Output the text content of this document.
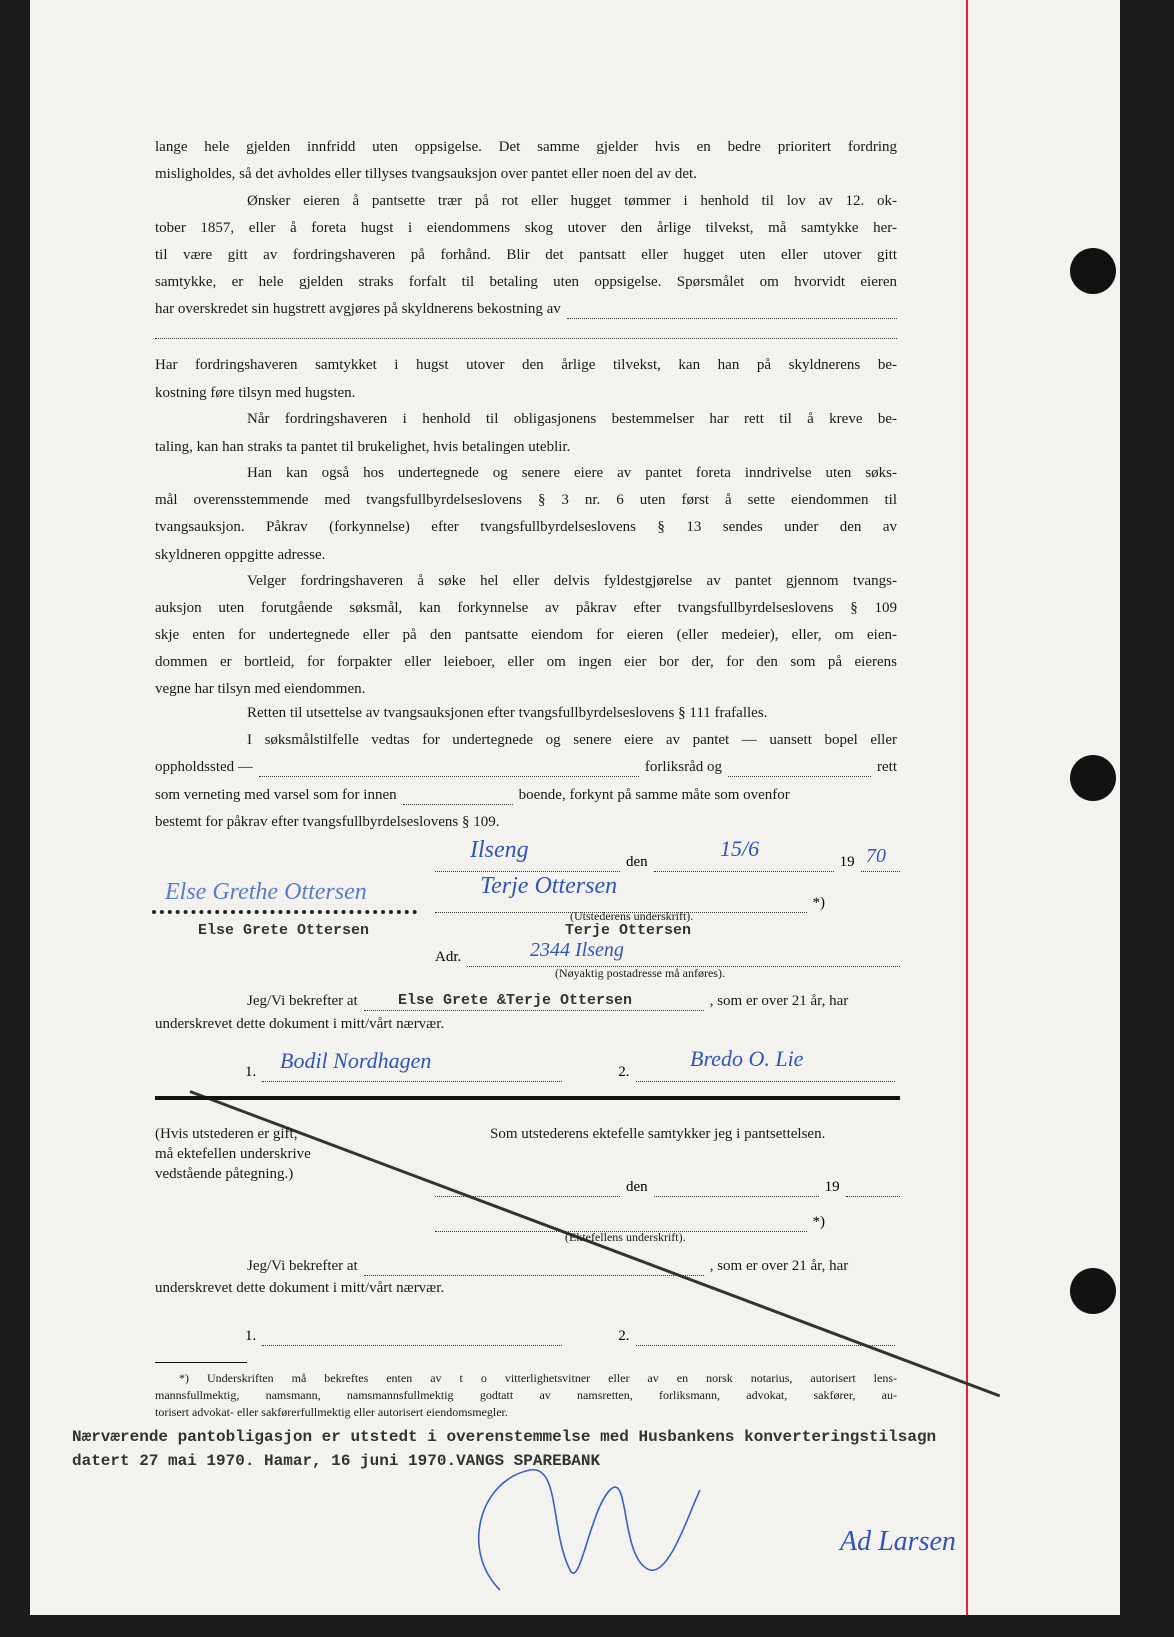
lange hele gjelden innfridd uten oppsigelse. Det samme gjelder hvis en bedre prioritert fordring
misligholdes, så det avholdes eller tillyses tvangsauksjon over pantet eller noen del av det.
Ønsker eieren å pantsette trær på rot eller hugget tømmer i henhold til lov av 12. ok-
tober 1857, eller å foreta hugst i eiendommens skog utover den årlige tilvekst, må samtykke her-
til være gitt av fordringshaveren på forhånd. Blir det pantsatt eller hugget uten eller utover gitt
samtykke, er hele gjelden straks forfalt til betaling uten oppsigelse. Spørsmålet om hvorvidt eieren
har overskredet sin hugstrett avgjøres på skyldnerens bekostning av
Har fordringshaveren samtykket i hugst utover den årlige tilvekst, kan han på skyldnerens be-
kostning føre tilsyn med hugsten.
Når fordringshaveren i henhold til obligasjonens bestemmelser har rett til å kreve be-
taling, kan han straks ta pantet til brukelighet, hvis betalingen uteblir.
Han kan også hos undertegnede og senere eiere av pantet foreta inndrivelse uten søks-
mål overensstemmende med tvangsfullbyrdelseslovens § 3 nr. 6 uten først å sette eiendommen til
tvangsauksjon. Påkrav (forkynnelse) efter tvangsfullbyrdelseslovens § 13 sendes under den av
skyldneren oppgitte adresse.
Velger fordringshaveren å søke hel eller delvis fyldestgjørelse av pantet gjennom tvangs-
auksjon uten forutgående søksmål, kan forkynnelse av påkrav efter tvangsfullbyrdelseslovens § 109
skje enten for undertegnede eller på den pantsatte eiendom for eieren (eller medeier), eller, om eien-
dommen er bortleid, for forpakter eller leieboer, eller om ingen eier bor der, for den som på eierens
vegne har tilsyn med eiendommen.
Retten til utsettelse av tvangsauksjonen efter tvangsfullbyrdelseslovens § 111 frafalles.
I søksmålstilfelle vedtas for undertegnede og senere eiere av pantet — uansett bopel eller
oppholdssted —	forliksråd og	rett
som verneting med varsel som for innen	boende, forkynt på samme måte som ovenfor
bestemt for påkrav efter tvangsfullbyrdelseslovens § 109.
den	19
Ilseng	15/6	70
*)
Terje Ottersen
(Utstederens underskrift).
Terje Ottersen
Else Grethe Ottersen
Else Grete Ottersen
Adr.	2344 Ilseng
(Nøyaktig postadresse må anføres).
Jeg/Vi bekrefter at	, som er over 21 år, har
Else Grete &Terje Ottersen
underskrevet dette dokument i mitt/vårt nærvær.
1.	2.
Bodil Nordhagen	Bredo O. Lie
(Hvis utstederen er gift,
må ektefellen underskrive
vedstående påtegning.)
Som utstederens ektefelle samtykker jeg i pantsettelsen.
den	19
*)
(Ektefellens underskrift).
Jeg/Vi bekrefter at	, som er over 21 år, har
underskrevet dette dokument i mitt/vårt nærvær.
1.	2.
*) Underskriften må bekreftes enten av t o vitterlighetsvitner eller av en norsk notarius, autorisert lens-
mannsfullmektig, namsmann, namsmannsfullmektig godtatt av namsretten, forliksmann, advokat, sakfører, au-
torisert advokat- eller sakførerfullmektig eller autorisert eiendomsmegler.
Nærværende pantobligasjon er utstedt i overenstemmelse med Husbankens konverteringstilsagn
datert 27 mai 1970. Hamar, 16 juni 1970.VANGS SPAREBANK
Ad Larsen
